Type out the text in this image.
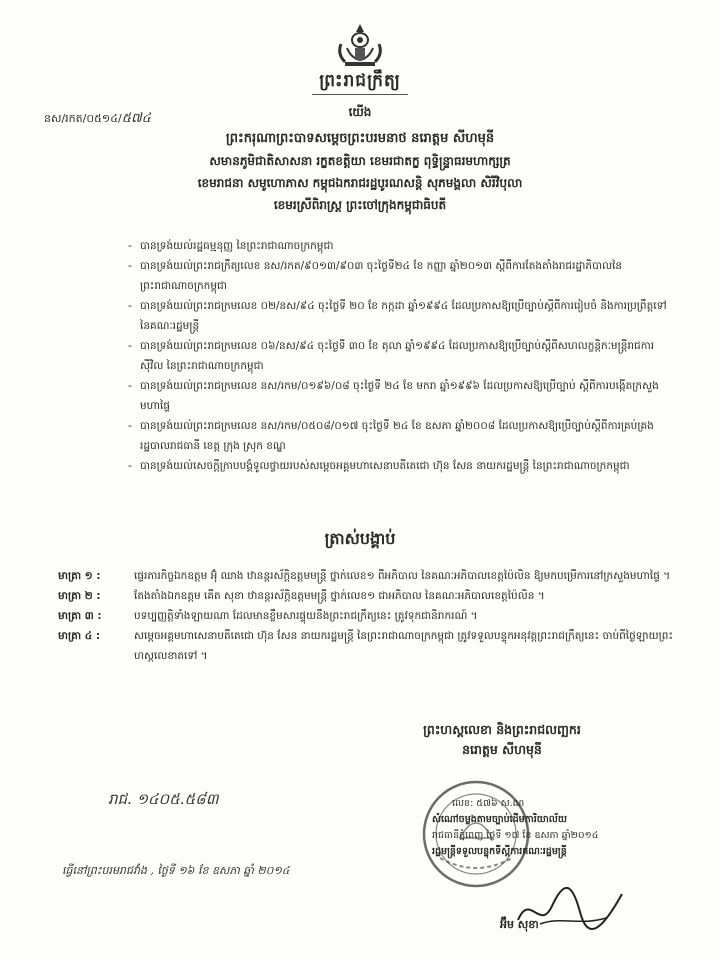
ព្រះរាជក្រឹត្យ
នស/រកត/០៥១៤/៥៧៤	យើង
ព្រះករុណាព្រះបាទសម្តេចព្រះបរមនាថ នរោត្តម សីហមុនី
សមានភូមិជាតិសាសនា រក្ខតខត្តិយា ខេមរជាតក្ខ ពុទ្ធិន្ទ្រាធរមហាក្សត្រ
ខេមរាជនា សមូហោភាស កម្ពុជឯករាជរដ្ឋបូរណសន្តិ សុភមង្គលា សិរីវិបុលា
ខេមរស្រីពិរាស្ត្រ ព្រះចៅក្រុងកម្ពុជាធិបតី
- បានទ្រង់យល់រដ្ឋធម្មនុញ្ញ នៃព្រះរាជាណាចក្រកម្ពុជា
- បានទ្រង់យល់ព្រះរាជក្រឹត្យលេខ នស/រកត/៩០១៣/៩០៣ ចុះថ្ងៃទី២៤ ខែ កញ្ញា ឆ្នាំ២០១៣ ស្តីពីការតែងតាំងរាជរដ្ឋាភិបាលនៃព្រះរាជាណាចក្រកម្ពុជា
- បានទ្រង់យល់ព្រះរាជក្រមលេខ ០២/នស/៩៤ ចុះថ្ងៃទី ២០ ខែ កក្កដា ឆ្នាំ១៩៩៤ ដែលប្រកាសឱ្យប្រើច្បាប់ស្តីពីការរៀបចំ និងការប្រព្រឹត្តទៅ នៃគណៈរដ្ឋមន្ត្រី
- បានទ្រង់យល់ព្រះរាជក្រមលេខ ០៦/នស/៩៤ ចុះថ្ងៃទី ៣០ ខែ តុលា ឆ្នាំ១៩៩៤ ដែលប្រកាសឱ្យប្រើច្បាប់ស្តីពីសហលក្ខន្តិកៈមន្ត្រីរាជការស៊ីវិល នៃព្រះរាជាណាចក្រកម្ពុជា
- បានទ្រង់យល់ព្រះរាជក្រមលេខ នស/រកម/០១៩៦/០៨ ចុះថ្ងៃទី ២៤ ខែ មករា ឆ្នាំ១៩៩៦ ដែលប្រកាសឱ្យប្រើច្បាប់ ស្តីពីការបង្កើតក្រសួងមហាផ្ទៃ
- បានទ្រង់យល់ព្រះរាជក្រមលេខ នស/រកម/០៥០៨/០១៧ ចុះថ្ងៃទី ២៤ ខែ ឧសភា ឆ្នាំ២០០៨ ដែលប្រកាសឱ្យប្រើច្បាប់ស្តីពីការគ្រប់គ្រងរដ្ឋបាលរាជធានី ខេត្ត ក្រុង ស្រុក ខណ្ឌ
- បានទ្រង់យល់សេចក្តីក្រាបបង្គំទូលថ្វាយរបស់សម្តេចអគ្គមហាសេនាបតីតេជោ ហ៊ុន សែន នាយករដ្ឋមន្ត្រី នៃព្រះរាជាណាចក្រកម្ពុជា
ត្រាស់បង្គាប់
មាត្រា ១ :	ផ្ទេរភារកិច្ចឯកឧត្តម អ៊ុំ ឈាង ឋានន្តរស័ក្តិឧត្តមមន្ត្រី ថ្នាក់លេខ១ ពីអភិបាល នៃគណៈអភិបាលខេត្តប៉ៃលិន ឱ្យមកបម្រើការនៅក្រសួងមហាផ្ទៃ ។
មាត្រា ២ :	តែងតាំងឯកឧត្តម គើត សុខា ឋានន្តរស័ក្តិឧត្តមមន្ត្រី ថ្នាក់លេខ១ ជាអភិបាល នៃគណៈអភិបាលខេត្តប៉ៃលិន ។
មាត្រា ៣ :	បទប្បញ្ញត្តិទាំងឡាយណា ដែលមានខ្លឹមសារផ្ទុយនឹងព្រះរាជក្រឹត្យនេះ ត្រូវទុកជានិរាករណ៍ ។
មាត្រា ៤ :	សម្តេចអគ្គមហាសេនាបតីតេជោ ហ៊ុន សែន នាយករដ្ឋមន្ត្រី នៃព្រះរាជាណាចក្រកម្ពុជា ត្រូវទទួលបន្ទុកអនុវត្តព្រះរាជក្រឹត្យនេះ ចាប់ពីថ្ងៃឡាយព្រះហស្តលេខាតទៅ ។
ព្រះហស្តលេខា និងព្រះរាជលញ្ឆករ
នរោត្តម សីហមុនី
រាជ. ១៤០៥.៥៨៣	លេខ: ៥៧៦ ស.ណ
សំណៅចម្លងតាមច្បាប់ដើមការិយាល័យ
រាជធានីភ្នំពេញ ថ្ងៃទី ១៧ ខែ ឧសភា ឆ្នាំ២០១៤
រដ្ឋមន្ត្រីទទួលបន្ទុកទីស្តីការគណៈរដ្ឋមន្ត្រី
ធ្វើនៅព្រះបរមរាជវាំង , ថ្ងៃទី ១៦ ខែ ឧសភា ឆ្នាំ ២០១៤
អ៊ឹម សុខា
